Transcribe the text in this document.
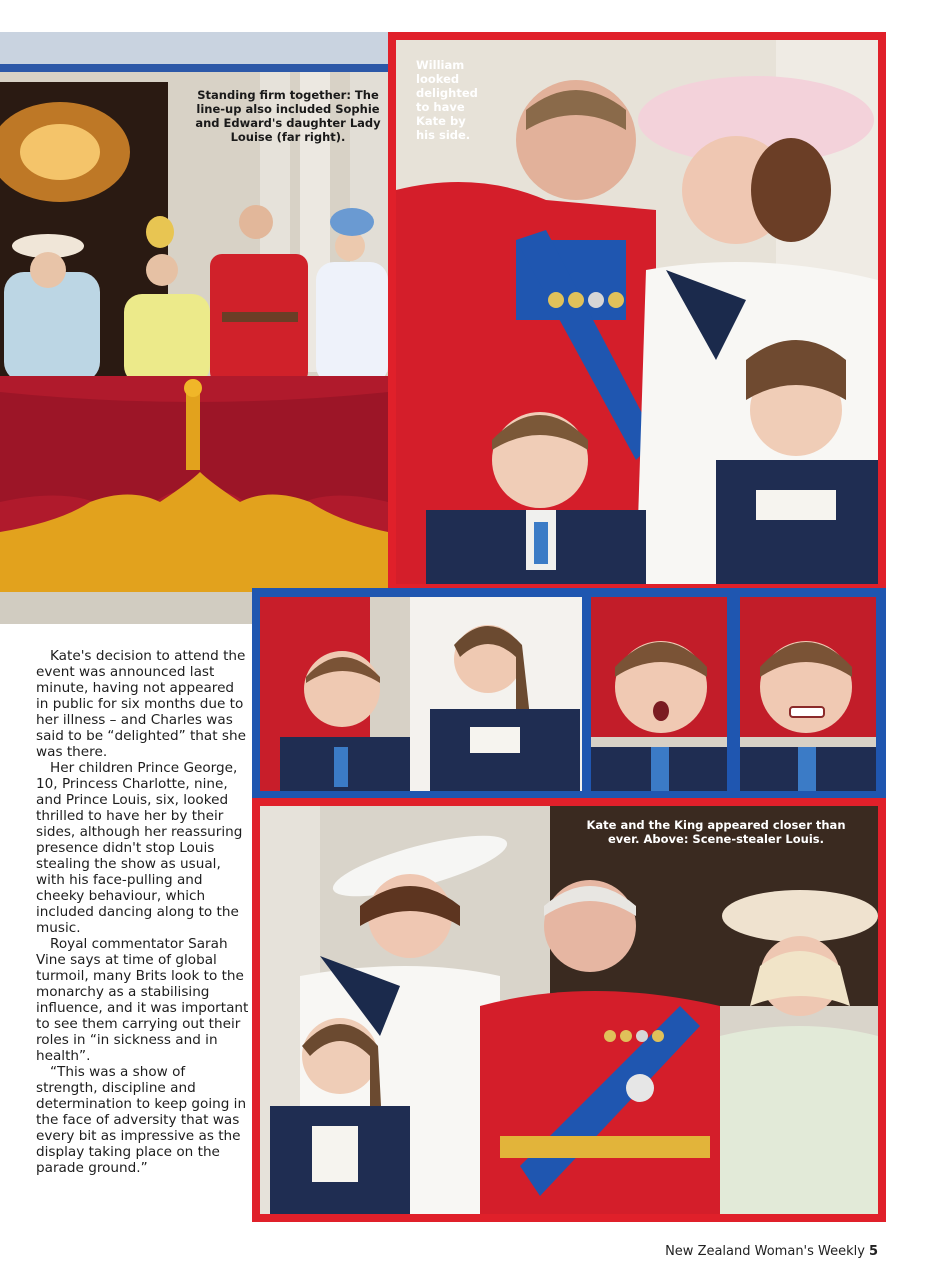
Standing firm together: The line-up also included Sophie and Edward's daughter Lady Louise (far right).
William looked delighted to have Kate by his side.
Kate and the King appeared closer than ever. Above: Scene-stealer Louis.

Kate's decision to attend the event was announced last minute, having not appeared in public for six months due to her illness – and Charles was said to be “delighted” that she was there.

Her children Prince George, 10, Princess Charlotte, nine, and Prince Louis, six, looked thrilled to have her by their sides, although her reassuring presence didn't stop Louis stealing the show as usual, with his face-pulling and cheeky behaviour, which included dancing along to the music.

Royal commentator Sarah Vine says at time of global turmoil, many Brits look to the monarchy as a stabilising influence, and it was important to see them carrying out their roles in “in sickness and in health”.

“This was a show of strength, discipline and determination to keep going in the face of adversity that was every bit as impressive as the display taking place on the parade ground.”

New Zealand Woman's Weekly 5
